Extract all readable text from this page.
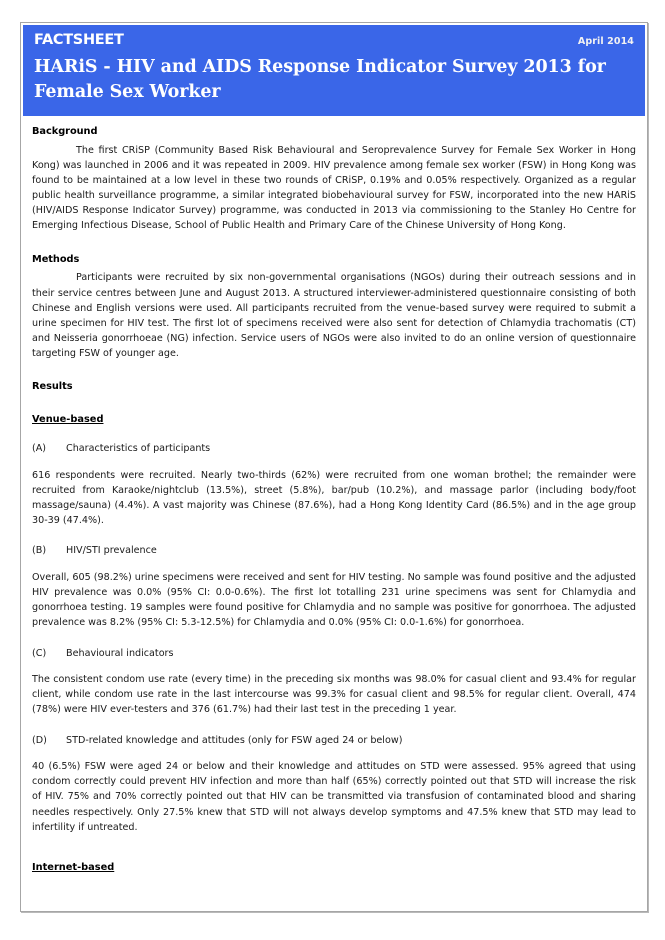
FACTSHEET	April 2014
HARiS - HIV and AIDS Response Indicator Survey 2013 for Female Sex Worker
Background

The first CRiSP (Community Based Risk Behavioural and Seroprevalence Survey for Female Sex Worker in Hong Kong) was launched in 2006 and it was repeated in 2009. HIV prevalence among female sex worker (FSW) in Hong Kong was found to be maintained at a low level in these two rounds of CRiSP, 0.19% and 0.05% respectively. Organized as a regular public health surveillance programme, a similar integrated biobehavioural survey for FSW, incorporated into the new HARiS (HIV/AIDS Response Indicator Survey) programme, was conducted in 2013 via commissioning to the Stanley Ho Centre for Emerging Infectious Disease, School of Public Health and Primary Care of the Chinese University of Hong Kong.

Methods

Participants were recruited by six non-governmental organisations (NGOs) during their outreach sessions and in their service centres between June and August 2013. A structured interviewer-administered questionnaire consisting of both Chinese and English versions were used. All participants recruited from the venue-based survey were required to submit a urine specimen for HIV test. The first lot of specimens received were also sent for detection of Chlamydia trachomatis (CT) and Neisseria gonorrhoeae (NG) infection. Service users of NGOs were also invited to do an online version of questionnaire targeting FSW of younger age.

Results
Venue-based
(A) Characteristics of participants

616 respondents were recruited. Nearly two-thirds (62%) were recruited from one woman brothel; the remainder were recruited from Karaoke/nightclub (13.5%), street (5.8%), bar/pub (10.2%), and massage parlor (including body/foot massage/sauna) (4.4%). A vast majority was Chinese (87.6%), had a Hong Kong Identity Card (86.5%) and in the age group 30-39 (47.4%).

(B) HIV/STI prevalence

Overall, 605 (98.2%) urine specimens were received and sent for HIV testing. No sample was found positive and the adjusted HIV prevalence was 0.0% (95% CI: 0.0-0.6%). The first lot totalling 231 urine specimens was sent for Chlamydia and gonorrhoea testing. 19 samples were found positive for Chlamydia and no sample was positive for gonorrhoea. The adjusted prevalence was 8.2% (95% CI: 5.3-12.5%) for Chlamydia and 0.0% (95% CI: 0.0-1.6%) for gonorrhoea.

(C) Behavioural indicators

The consistent condom use rate (every time) in the preceding six months was 98.0% for casual client and 93.4% for regular client, while condom use rate in the last intercourse was 99.3% for casual client and 98.5% for regular client. Overall, 474 (78%) were HIV ever-testers and 376 (61.7%) had their last test in the preceding 1 year.

(D) STD-related knowledge and attitudes (only for FSW aged 24 or below)

40 (6.5%) FSW were aged 24 or below and their knowledge and attitudes on STD were assessed. 95% agreed that using condom correctly could prevent HIV infection and more than half (65%) correctly pointed out that STD will increase the risk of HIV. 75% and 70% correctly pointed out that HIV can be transmitted via transfusion of contaminated blood and sharing needles respectively. Only 27.5% knew that STD will not always develop symptoms and 47.5% knew that STD may lead to infertility if untreated.

Internet-based
